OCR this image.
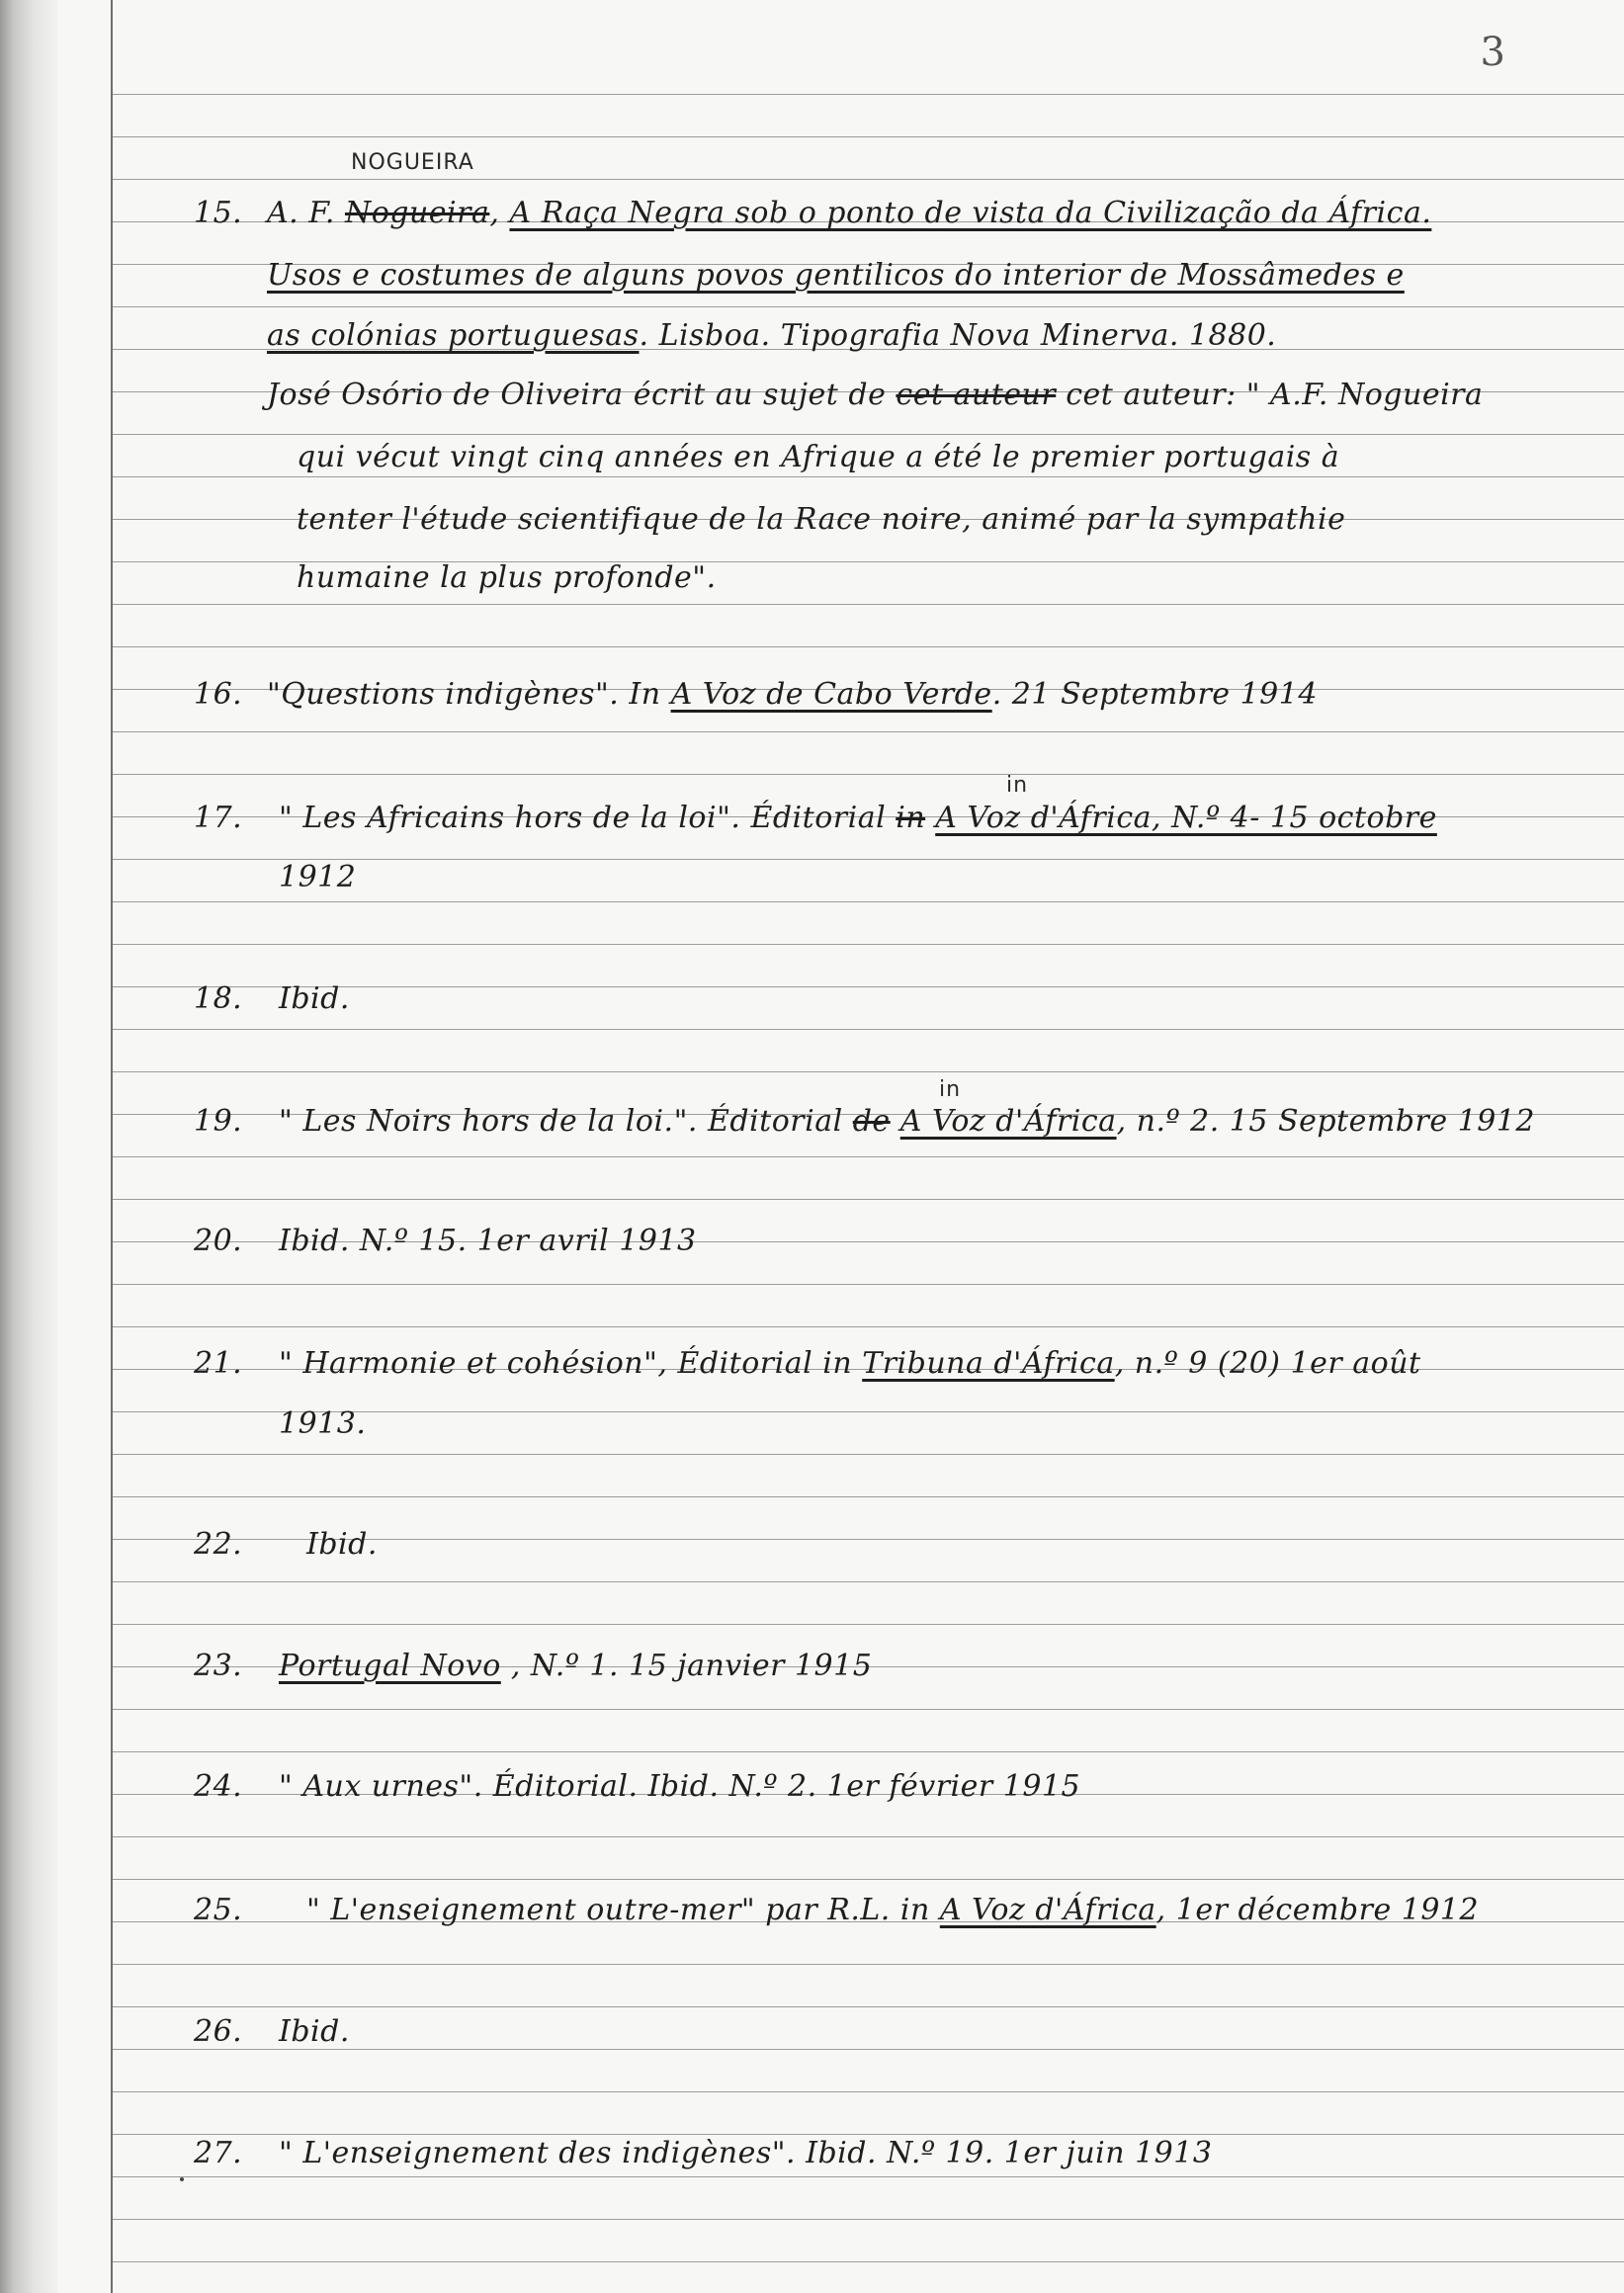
3
15.
NOGUEIRA
A. F. Nogueira, A Raça Negra sob o ponto de vista da Civilização da África.
Usos e costumes de alguns povos gentilicos do interior de Mossâmedes e
as colónias portuguesas. Lisboa. Tipografia Nova Minerva. 1880.
José Osório de Oliveira écrit au sujet de cet auteur cet auteur: " A.F. Nogueira
qui vécut vingt cinq années en Afrique a été le premier portugais à
tenter l'étude scientifique de la Race noire, animé par la sympathie
humaine la plus profonde".
16. "Questions indigènes". In A Voz de Cabo Verde. 21 Septembre 1914
17.
in
" Les Africains hors de la loi". Éditorial in A Voz d'África, N.º 4- 15 octobre
1912
18. Ibid.
19.
in
" Les Noirs hors de la loi.". Éditorial de A Voz d'África, n.º 2. 15 Septembre 1912
20. Ibid. N.º 15. 1er avril 1913
21. " Harmonie et cohésion", Éditorial in Tribuna d'África, n.º 9 (20) 1er août
1913.
22. Ibid.
23. Portugal Novo , N.º 1. 15 janvier 1915
24. " Aux urnes". Éditorial. Ibid. N.º 2. 1er février 1915
25. " L'enseignement outre-mer" par R.L. in A Voz d'África, 1er décembre 1912
26. Ibid.
27. " L'enseignement des indigènes". Ibid. N.º 19. 1er juin 1913
